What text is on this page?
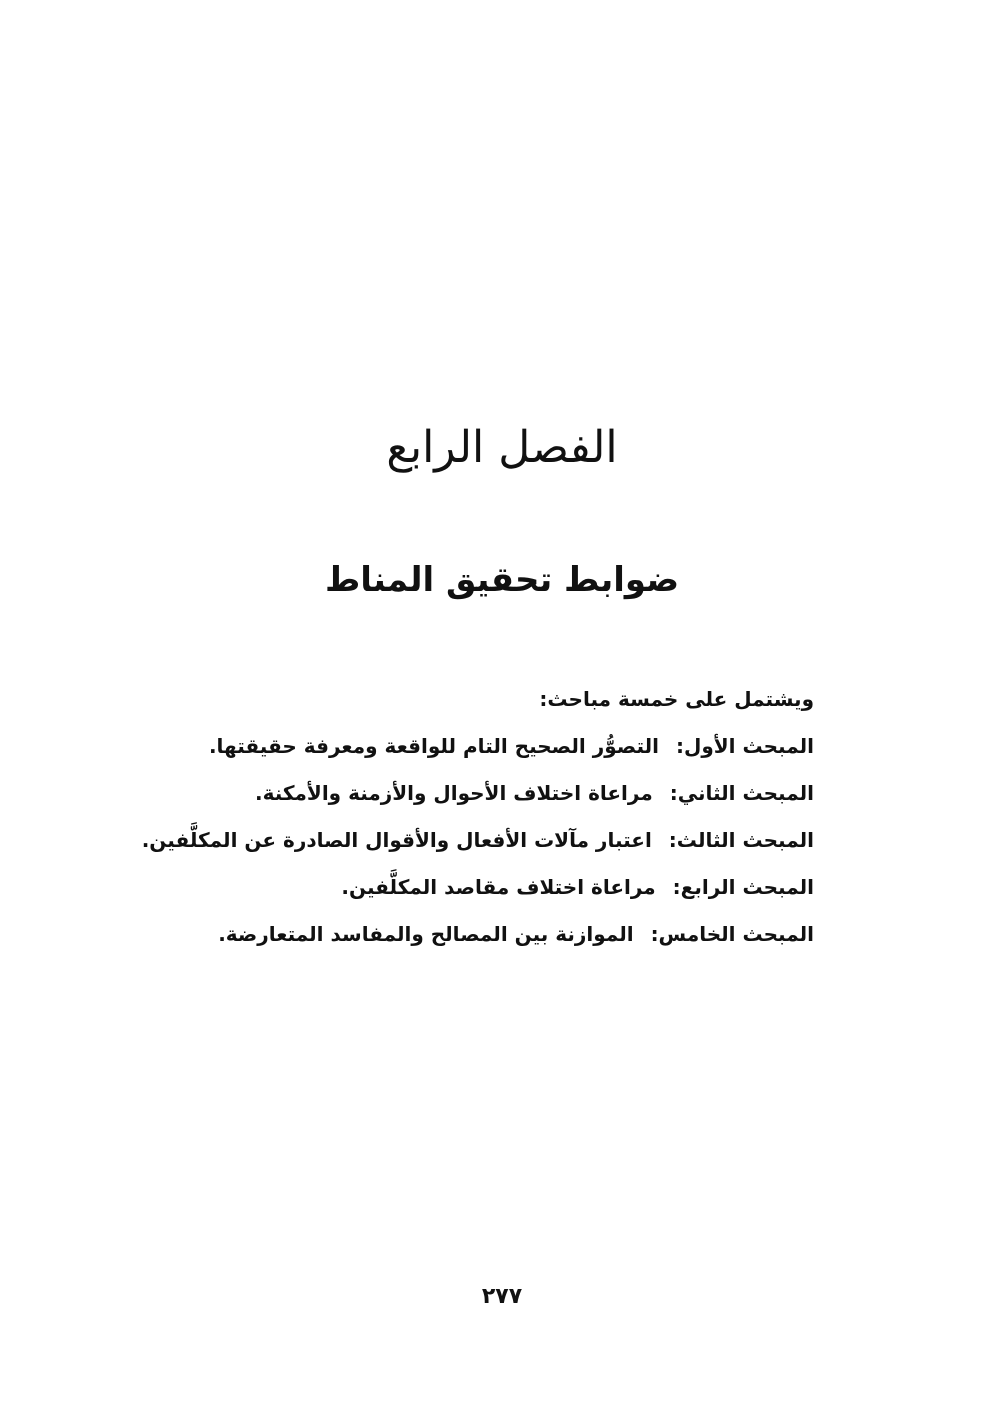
الفصل الرابع
ضوابط تحقيق المناط
ويشتمل على خمسة مباحث:
المبحث الأول: التصوُّر الصحيح التام للواقعة ومعرفة حقيقتها.
المبحث الثاني: مراعاة اختلاف الأحوال والأزمنة والأمكنة.
المبحث الثالث: اعتبار مآلات الأفعال والأقوال الصادرة عن المكلَّفين.
المبحث الرابع: مراعاة اختلاف مقاصد المكلَّفين.
المبحث الخامس: الموازنة بين المصالح والمفاسد المتعارضة.
٢٧٧
